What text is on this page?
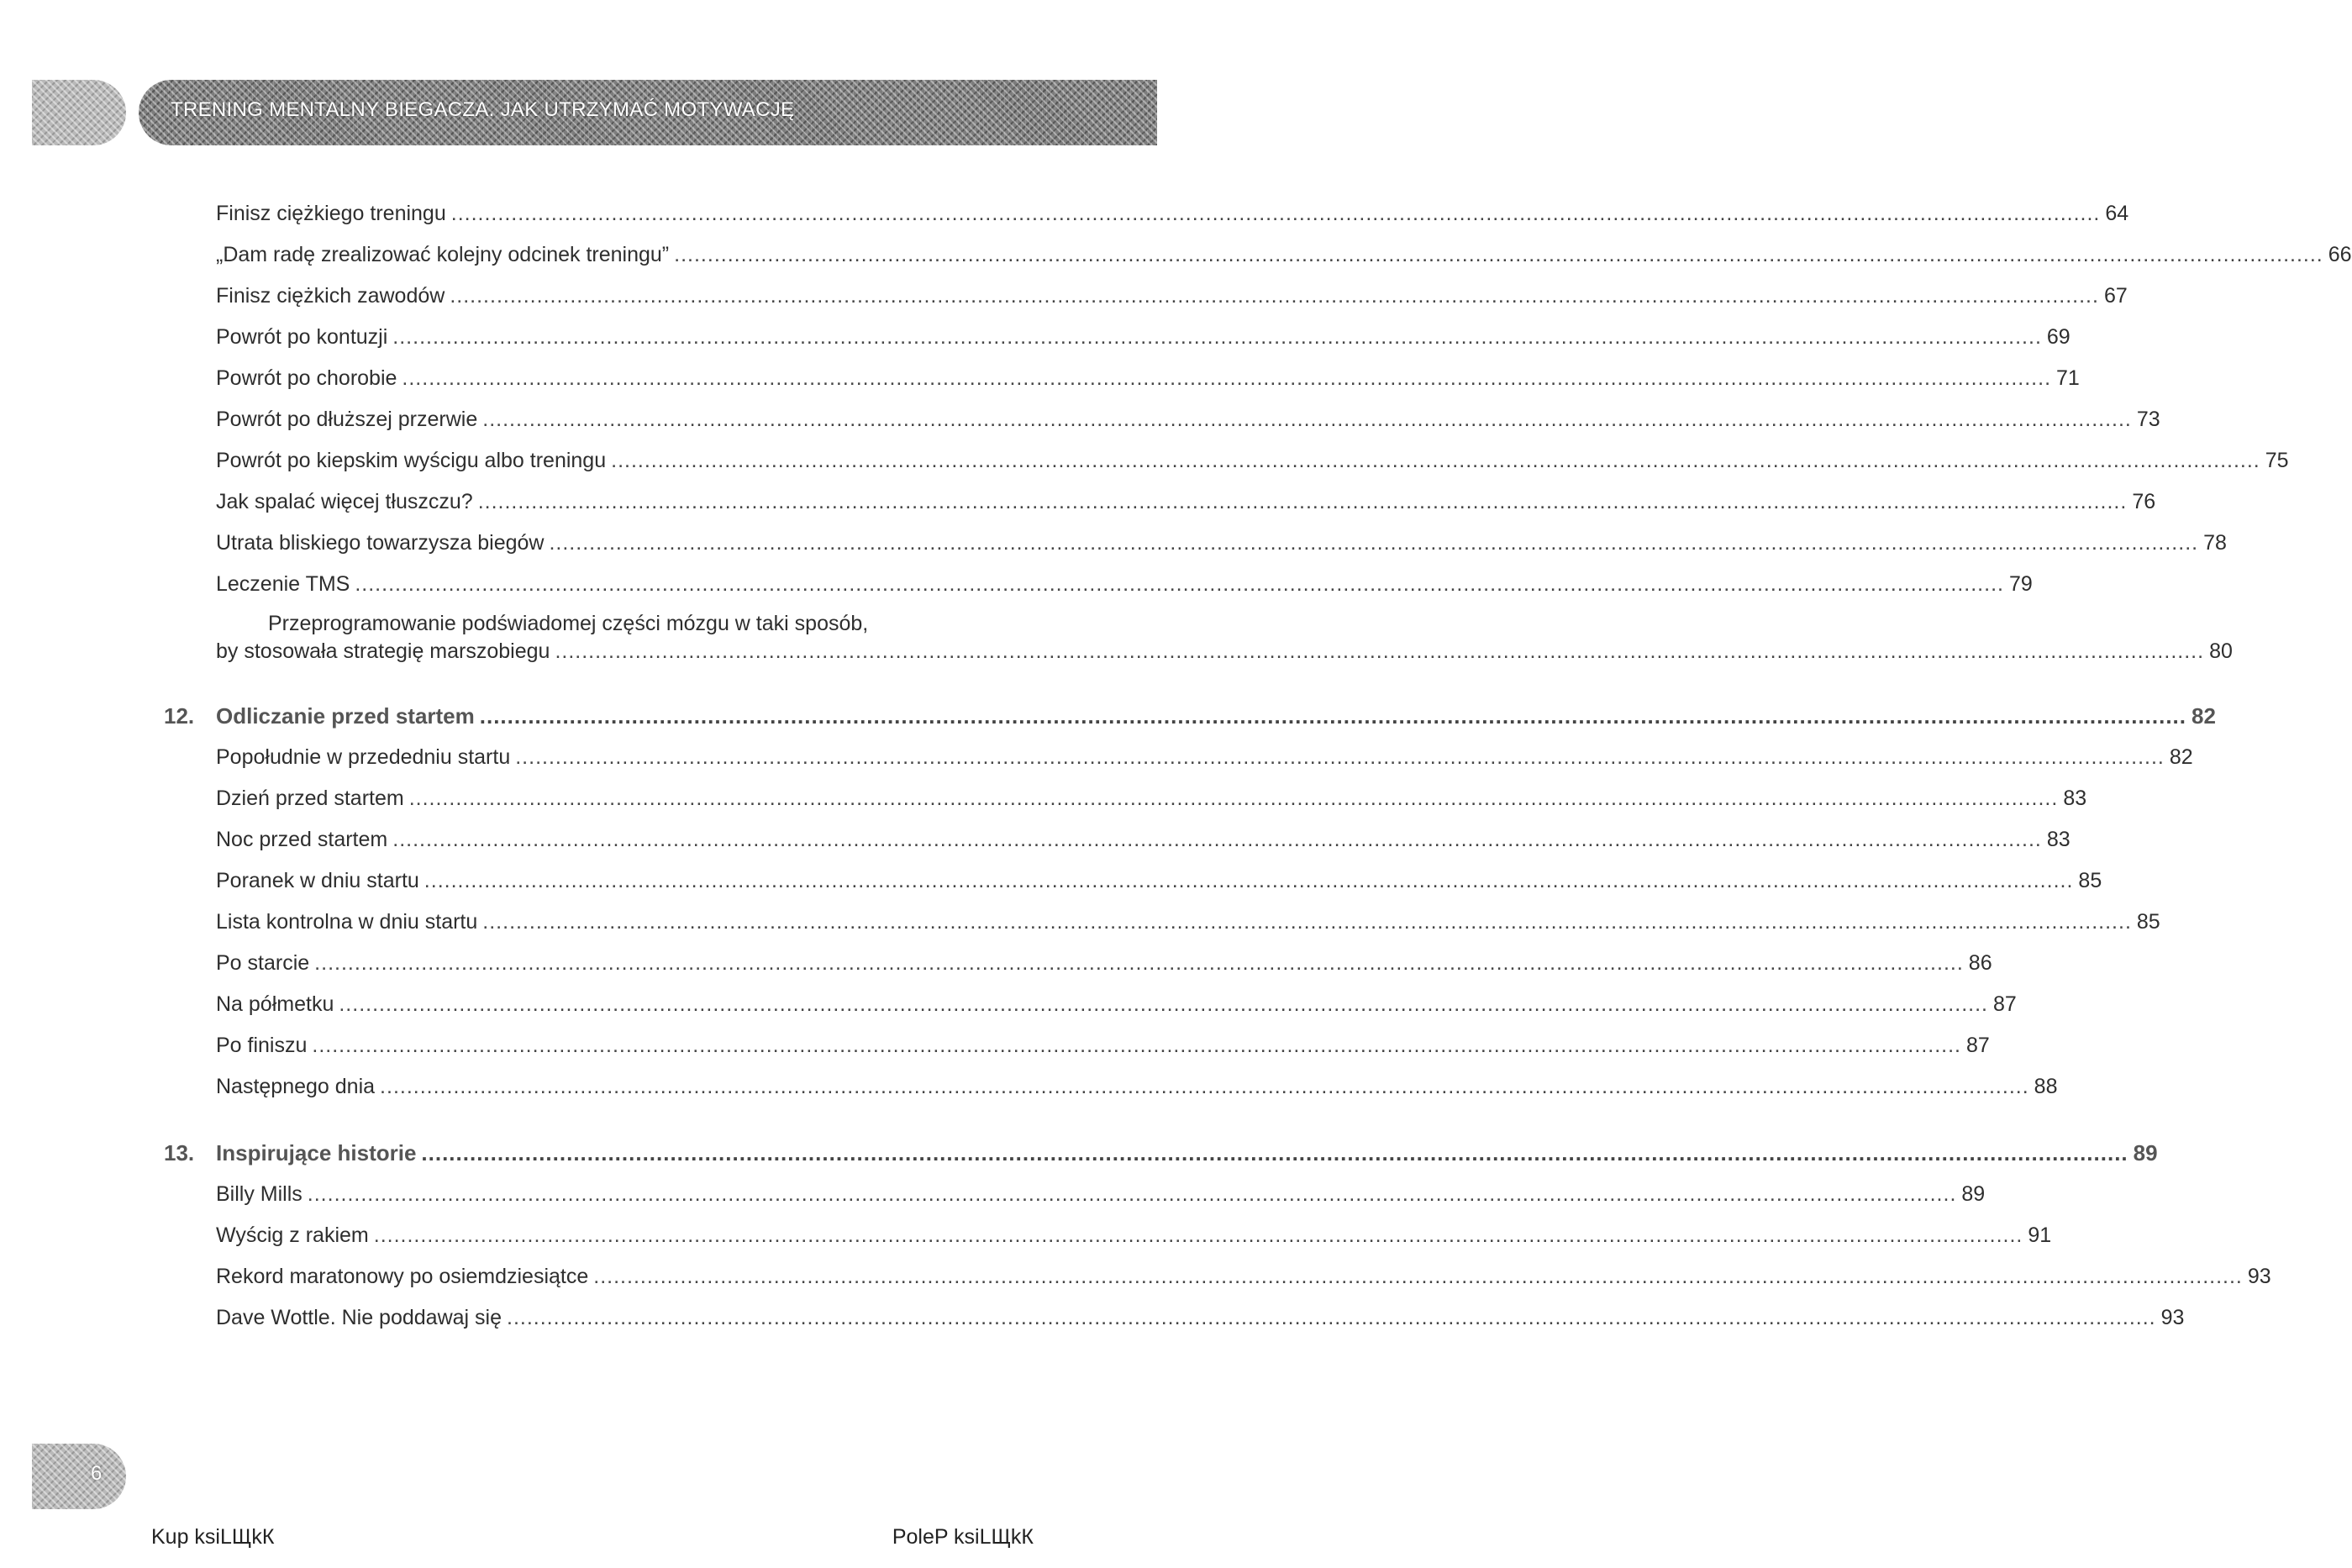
TRENING MENTALNY BIEGACZA. JAK UTRZYMAĆ MOTYWACJĘ
Finisz ciężkiego treningu .....	64
„Dam radę zrealizować kolejny odcinek treningu” .....	66
Finisz ciężkich zawodów .....	67
Powrót po kontuzji .....	69
Powrót po chorobie .....	71
Powrót po dłuższej przerwie .....	73
Powrót po kiepskim wyścigu albo treningu .....	75
Jak spalać więcej tłuszczu? .....	76
Utrata bliskiego towarzysza biegów .....	78
Leczenie TMS .....	79
Przeprogramowanie podświadomej części mózgu w taki sposób,
by stosowała strategię marszobiegu .....	80
12. Odliczanie przed startem .....	82
Popołudnie w przededniu startu .....	82
Dzień przed startem .....	83
Noc przed startem .....	83
Poranek w dniu startu .....	85
Lista kontrolna w dniu startu .....	85
Po starcie .....	86
Na półmetku .....	87
Po finiszu .....	87
Następnego dnia .....	88
13. Inspirujące historie .....	89
Billy Mills .....	89
Wyścig z rakiem .....	91
Rekord maratonowy po osiemdziesiątce .....	93
Dave Wottle. Nie poddawaj się .....	93
6
Kup ksiLЩkК	PoleP ksiLЩkК
